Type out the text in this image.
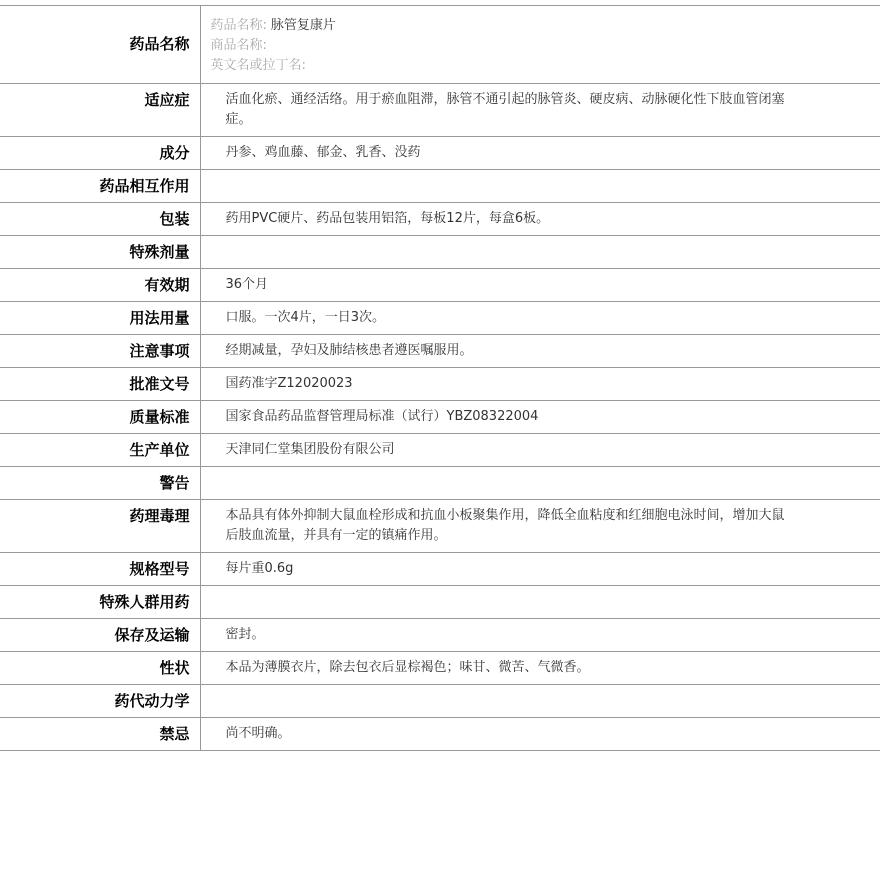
药品名称	药品名称: 脉管复康片
商品名称:
英文名或拉丁名:

适应症	活血化瘀、通经活络。用于瘀血阻滞，脉管不通引起的脉管炎、硬皮病、动脉硬化性下肢血管闭塞症。
成分	丹参、鸡血藤、郁金、乳香、没药
药品相互作用	
包装	药用PVC硬片、药品包装用铝箔，每板12片，每盒6板。
特殊剂量	
有效期	36个月
用法用量	口服。一次4片，一日3次。
注意事项	经期减量，孕妇及肺结核患者遵医嘱服用。
批准文号	国药准字Z12020023
质量标准	国家食品药品监督管理局标准（试行）YBZ08322004
生产单位	天津同仁堂集团股份有限公司
警告	
药理毒理	本品具有体外抑制大鼠血栓形成和抗血小板聚集作用，降低全血粘度和红细胞电泳时间，增加大鼠后肢血流量，并具有一定的镇痛作用。
规格型号	每片重0.6g
特殊人群用药	
保存及运输	密封。
性状	本品为薄膜衣片，除去包衣后显棕褐色；味甘、微苦、气微香。
药代动力学	
禁忌	尚不明确。
